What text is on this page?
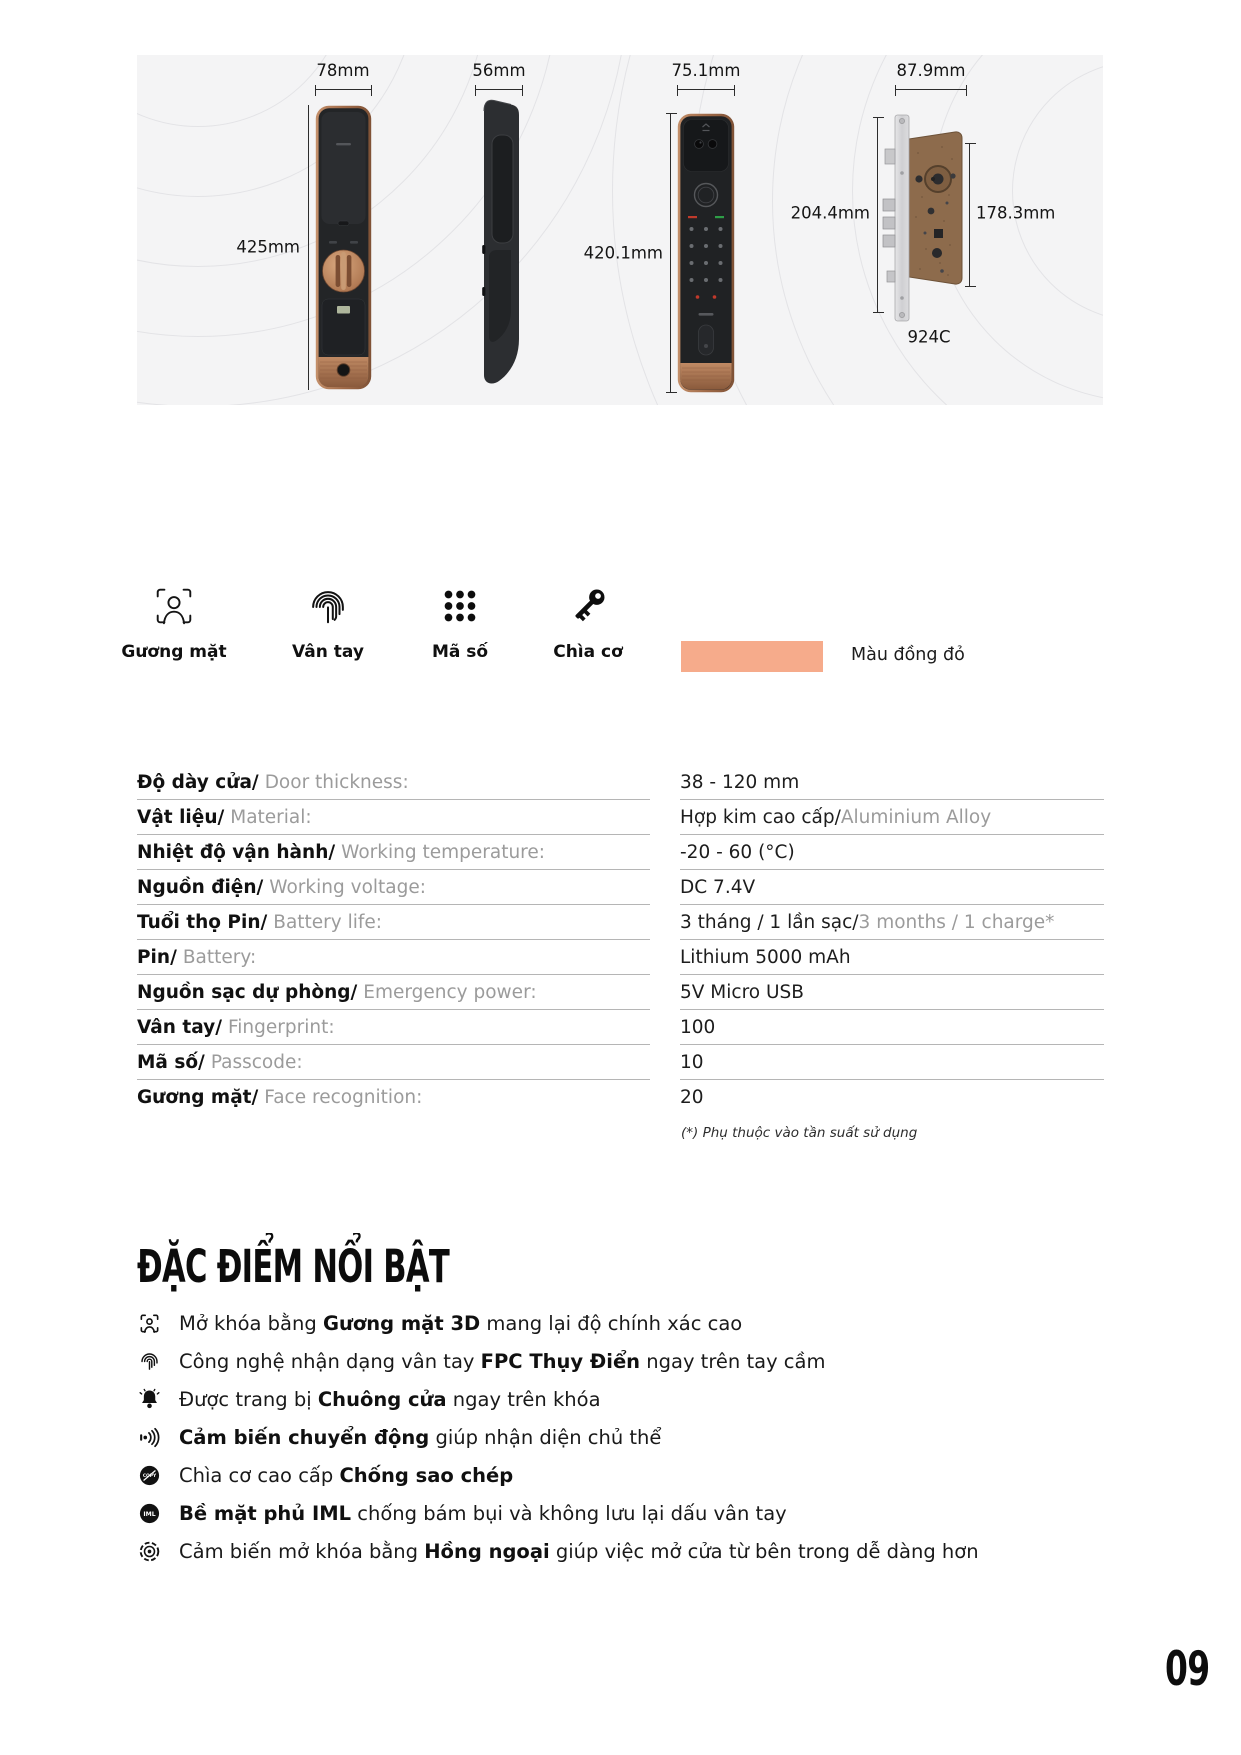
78mm
425mm
56mm	75.1mm
420.1mm
87.9mm
204.4mm	178.3mm
924C
Gương mặt	Vân tay	Mã số	Chìa cơ	Màu đồng đỏ
Độ dày cửa/ Door thickness:	38 - 120 mm
Vật liệu/ Material:	Hợp kim cao cấp/ Aluminium Alloy
Nhiệt độ vận hành/ Working temperature:	-20 - 60 (°C)
Nguồn điện/ Working voltage:	DC 7.4V
Tuổi thọ Pin/ Battery life:	3 tháng / 1 lần sạc/ 3 months / 1 charge*
Pin/ Battery:	Lithium 5000 mAh
Nguồn sạc dự phòng/ Emergency power:	5V Micro USB
Vân tay/ Fingerprint:	100
Mã số/ Passcode:	10
Gương mặt/ Face recognition:	20
(*) Phụ thuộc vào tần suất sử dụng
ĐẶC ĐIỂM NỔI BẬT
Mở khóa bằng Gương mặt 3D mang lại độ chính xác cao
Công nghệ nhận dạng vân tay FPC Thụy Điển ngay trên tay cầm
Được trang bị Chuông cửa ngay trên khóa
Cảm biến chuyển động giúp nhận diện chủ thể
COPY Chìa cơ cao cấp Chống sao chép
IML Bề mặt phủ IML chống bám bụi và không lưu lại dấu vân tay
Cảm biến mở khóa bằng Hồng ngoại giúp việc mở cửa từ bên trong dễ dàng hơn
09
